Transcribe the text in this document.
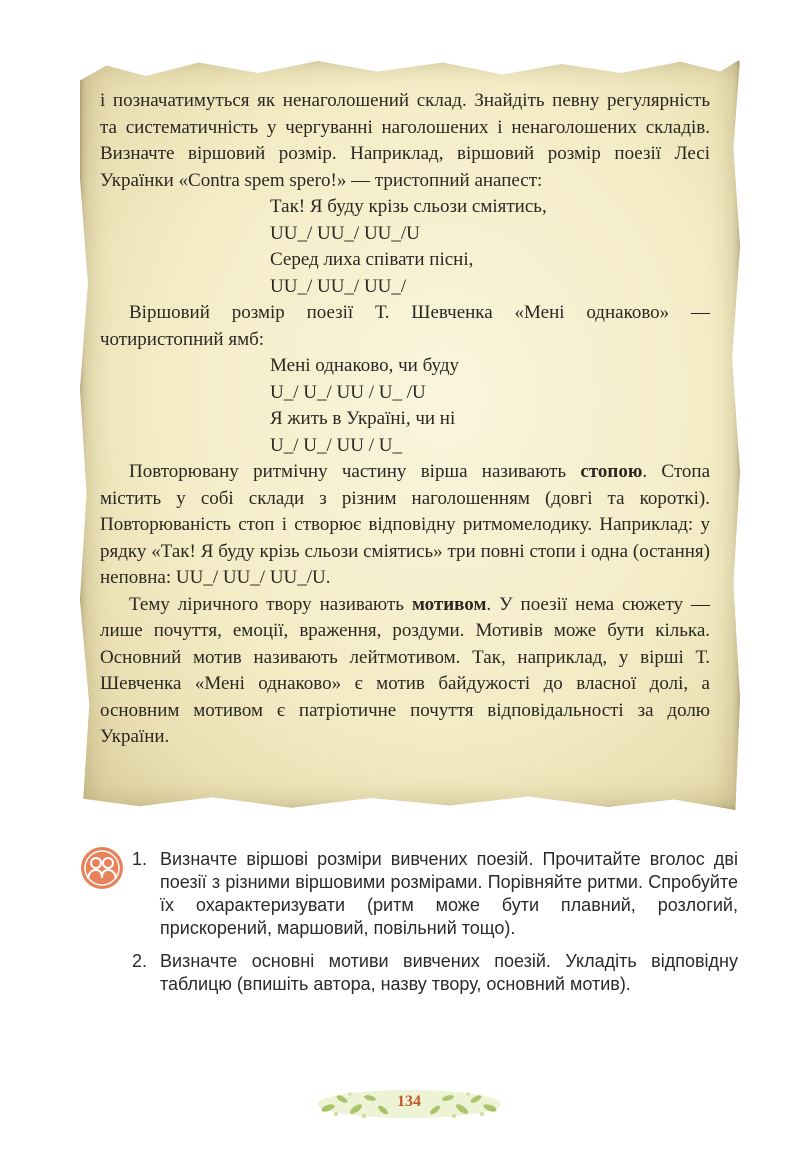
і позначатимуться як ненаголошений склад. Знайдіть певну регулярність та систематичність у чергуванні наголошених і ненаголошених складів. Визначте віршовий розмір. Наприклад, віршовий розмір поезії Лесі Українки «Contra spem spero!» — тристопний анапест:

Так! Я буду крізь сльози сміятись,
UU_/ UU_/ UU_/U
Серед лиха співати пісні,
UU_/ UU_/ UU_/

Віршовий розмір поезії Т. Шевченка «Мені однаково» — чотиристопний ямб:

Мені однаково, чи буду
U_/ U_/ UU / U_ /U
Я жить в Україні, чи ні
U_/ U_/ UU / U_

Повторювану ритмічну частину вірша називають стопою. Стопа містить у собі склади з різним наголошенням (довгі та короткі). Повторюваність стоп і створює відповідну ритмомелодику. Наприклад: у рядку «Так! Я буду крізь сльози сміятись» три повні стопи і одна (остання) неповна: UU_/ UU_/ UU_/U.

Тему ліричного твору називають мотивом. У поезії нема сюжету — лише почуття, емоції, враження, роздуми. Мотивів може бути кілька. Основний мотив називають лейтмотивом. Так, наприклад, у вірші Т. Шевченка «Мені однаково» є мотив байдужості до власної долі, а основним мотивом є патріотичне почуття відповідальності за долю України.

1. Визначте віршові розміри вивчених поезій. Прочитайте вголос дві поезії з різними віршовими розмірами. Порівняйте ритми. Спробуйте їх охарактеризувати (ритм може бути плавний, розлогий, прискорений, маршовий, повільний тощо).
2. Визначте основні мотиви вивчених поезій. Укладіть відповідну таблицю (впишіть автора, назву твору, основний мотив).
134
